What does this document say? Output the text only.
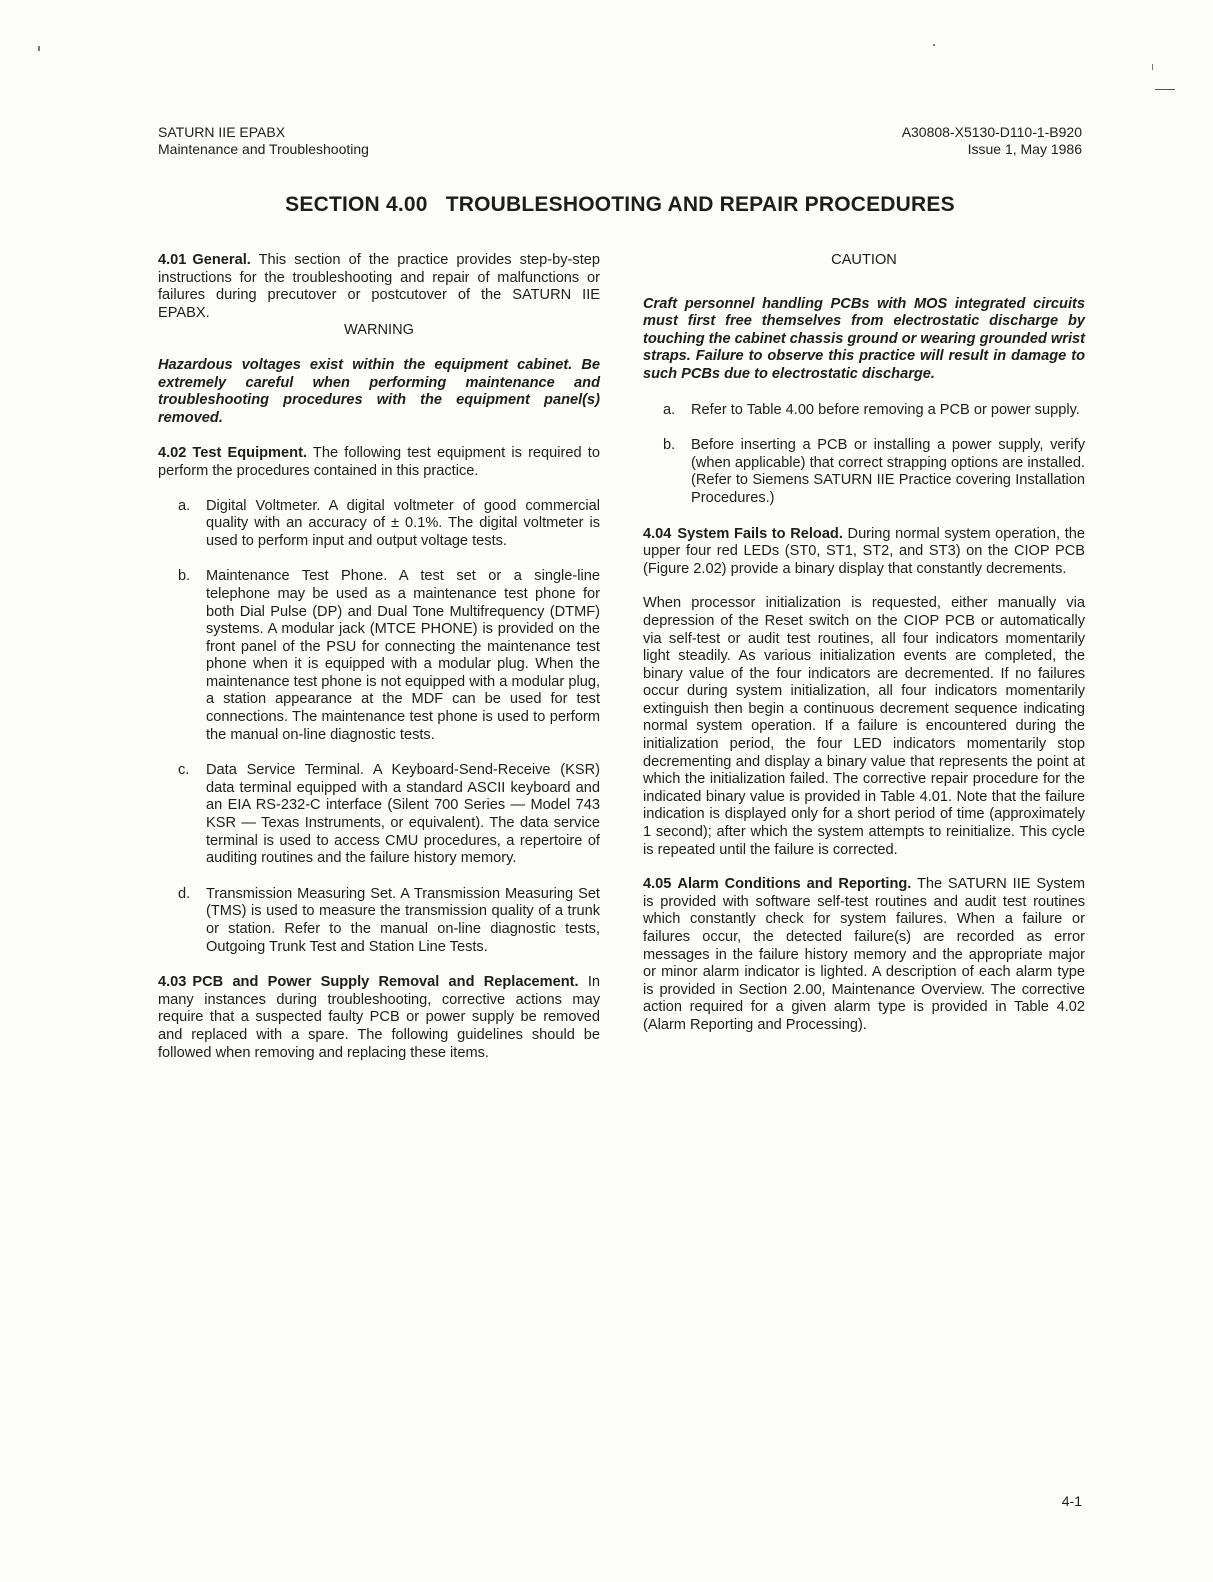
SATURN IIE EPABX
Maintenance and Troubleshooting
A30808-X5130-D110-1-B920
Issue 1, May 1986
SECTION 4.00   TROUBLESHOOTING AND REPAIR PROCEDURES

4.01 General. This section of the practice provides step-by-step instructions for the troubleshooting and repair of malfunctions or failures during precutover or postcutover of the SATURN IIE EPABX.

WARNING

Hazardous voltages exist within the equipment cabinet. Be extremely careful when performing maintenance and troubleshooting procedures with the equipment panel(s) removed.

4.02 Test Equipment. The following test equipment is required to perform the procedures contained in this practice.

a. Digital Voltmeter. A digital voltmeter of good commercial quality with an accuracy of ± 0.1%. The digital voltmeter is used to perform input and output voltage tests.
b. Maintenance Test Phone. A test set or a single-line telephone may be used as a maintenance test phone for both Dial Pulse (DP) and Dual Tone Multifrequency (DTMF) systems. A modular jack (MTCE PHONE) is provided on the front panel of the PSU for connecting the maintenance test phone when it is equipped with a modular plug. When the maintenance test phone is not equipped with a modular plug, a station appearance at the MDF can be used for test connections. The maintenance test phone is used to perform the manual on-line diagnostic tests.
c. Data Service Terminal. A Keyboard-Send-Receive (KSR) data terminal equipped with a standard ASCII keyboard and an EIA RS-232-C interface (Silent 700 Series — Model 743 KSR — Texas Instruments, or equivalent). The data service terminal is used to access CMU procedures, a repertoire of auditing routines and the failure history memory.
d. Transmission Measuring Set. A Transmission Measuring Set (TMS) is used to measure the transmission quality of a trunk or station. Refer to the manual on-line diagnostic tests, Outgoing Trunk Test and Station Line Tests.

4.03 PCB and Power Supply Removal and Replacement. In many instances during troubleshooting, corrective actions may require that a suspected faulty PCB or power supply be removed and replaced with a spare. The following guidelines should be followed when removing and replacing these items.

CAUTION

Craft personnel handling PCBs with MOS integrated circuits must first free themselves from electrostatic discharge by touching the cabinet chassis ground or wearing grounded wrist straps. Failure to observe this practice will result in damage to such PCBs due to electrostatic discharge.

a. Refer to Table 4.00 before removing a PCB or power supply.
b. Before inserting a PCB or installing a power supply, verify (when applicable) that correct strapping options are installed. (Refer to Siemens SATURN IIE Practice covering Installation Procedures.)

4.04 System Fails to Reload. During normal system operation, the upper four red LEDs (ST0, ST1, ST2, and ST3) on the CIOP PCB (Figure 2.02) provide a binary display that constantly decrements.

When processor initialization is requested, either manually via depression of the Reset switch on the CIOP PCB or automatically via self-test or audit test routines, all four indicators momentarily light steadily. As various initialization events are completed, the binary value of the four indicators are decremented. If no failures occur during system initialization, all four indicators momentarily extinguish then begin a continuous decrement sequence indicating normal system operation. If a failure is encountered during the initialization period, the four LED indicators momentarily stop decrementing and display a binary value that represents the point at which the initialization failed. The corrective repair procedure for the indicated binary value is provided in Table 4.01. Note that the failure indication is displayed only for a short period of time (approximately 1 second); after which the system attempts to reinitialize. This cycle is repeated until the failure is corrected.

4.05 Alarm Conditions and Reporting. The SATURN IIE System is provided with software self-test routines and audit test routines which constantly check for system failures. When a failure or failures occur, the detected failure(s) are recorded as error messages in the failure history memory and the appropriate major or minor alarm indicator is lighted. A description of each alarm type is provided in Section 2.00, Maintenance Overview. The corrective action required for a given alarm type is provided in Table 4.02 (Alarm Reporting and Processing).

4-1
